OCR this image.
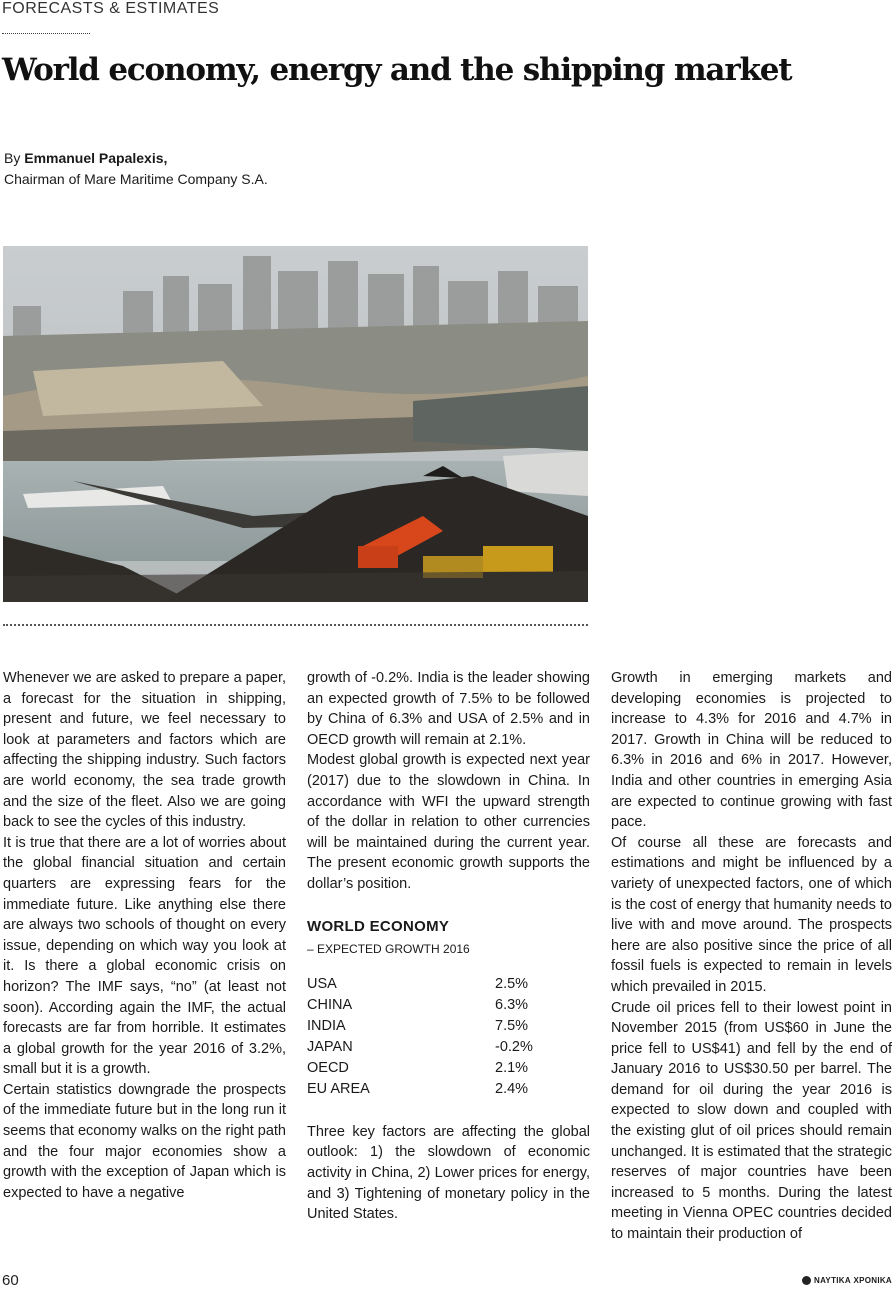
FORECASTS & ESTIMATES
World economy, energy and the shipping market
By Emmanuel Papalexis,
Chairman of Mare Maritime Company S.A.

Whenever we are asked to prepare a paper, a forecast for the situation in shipping, present and future, we feel necessary to look at parameters and factors which are affecting the shipping industry. Such factors are world economy, the sea trade growth and the size of the fleet. Also we are going back to see the cycles of this industry.

It is true that there are a lot of worries about the global financial situation and certain quarters are expressing fears for the immediate future. Like anything else there are always two schools of thought on every issue, depending on which way you look at it. Is there a global economic crisis on horizon? The IMF says, “no” (at least not soon). According again the IMF, the actual forecasts are far from horrible. It estimates a global growth for the year 2016 of 3.2%, small but it is a growth.

Certain statistics downgrade the prospects of the immediate future but in the long run it seems that economy walks on the right path and the four major economies show a growth with the exception of Japan which is expected to have a negative

growth of -0.2%. India is the leader showing an expected growth of 7.5% to be followed by China of 6.3% and USA of 2.5% and in OECD growth will remain at 2.1%.

Modest global growth is expected next year (2017) due to the slowdown in China. In accordance with WFI the upward strength of the dollar in relation to other currencies will be maintained during the current year. The present economic growth supports the dollar’s position.

WORLD ECONOMY

– EXPECTED GROWTH 2016

USA	2.5%
CHINA	6.3%
INDIA	7.5%
JAPAN	-0.2%
OECD	2.1%
EU AREA	2.4%

Three key factors are affecting the global outlook: 1) the slowdown of economic activity in China, 2) Lower prices for energy, and 3) Tightening of monetary policy in the United States.

Growth in emerging markets and developing economies is projected to increase to 4.3% for 2016 and 4.7% in 2017. Growth in China will be reduced to 6.3% in 2016 and 6% in 2017. However, India and other countries in emerging Asia are expected to continue growing with fast pace.

Of course all these are forecasts and estimations and might be influenced by a variety of unexpected factors, one of which is the cost of energy that humanity needs to live with and move around. The prospects here are also positive since the price of all fossil fuels is expected to remain in levels which prevailed in 2015.

Crude oil prices fell to their lowest point in November 2015 (from US$60 in June the price fell to US$41) and fell by the end of January 2016 to US$30.50 per barrel. The demand for oil during the year 2016 is expected to slow down and coupled with the existing glut of oil prices should remain unchanged. It is estimated that the strategic reserves of major countries have been increased to 5 months. During the latest meeting in Vienna OPEC countries decided to maintain their production of

60	ΝΑΥΤΙΚΑ ΧΡΟΝΙΚΑ
